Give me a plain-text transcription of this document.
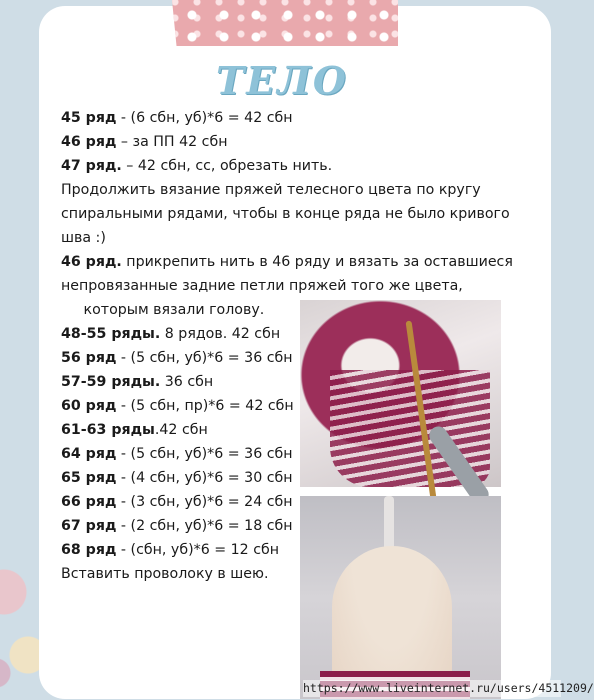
ТЕЛО
45 ряд - (6 сбн, уб)*6 = 42 сбн
46 ряд – за ПП 42 сбн
47 ряд. – 42 сбн, сс, обрезать нить.
Продолжить вязание пряжей телесного цвета по кругу
спиральными рядами, чтобы в конце ряда не было кривого
шва :)
46 ряд. прикрепить нить в 46 ряду и вязать за оставшиеся
непровязанные задние петли пряжей того же цвета,
которым вязали голову.
48-55 ряды. 8 рядов. 42 сбн
56 ряд - (5 сбн, уб)*6 = 36 сбн
57-59 ряды. 36 сбн
60 ряд - (5 сбн, пр)*6 = 42 сбн
61-63 ряды.42 сбн
64 ряд - (5 сбн, уб)*6 = 36 сбн
65 ряд - (4 сбн, уб)*6 = 30 сбн
66 ряд - (3 сбн, уб)*6 = 24 сбн
67 ряд - (2 сбн, уб)*6 = 18 сбн
68 ряд - (сбн, уб)*6 = 12 сбн
Вставить проволоку в шею.
https://www.liveinternet.ru/users/4511209/
